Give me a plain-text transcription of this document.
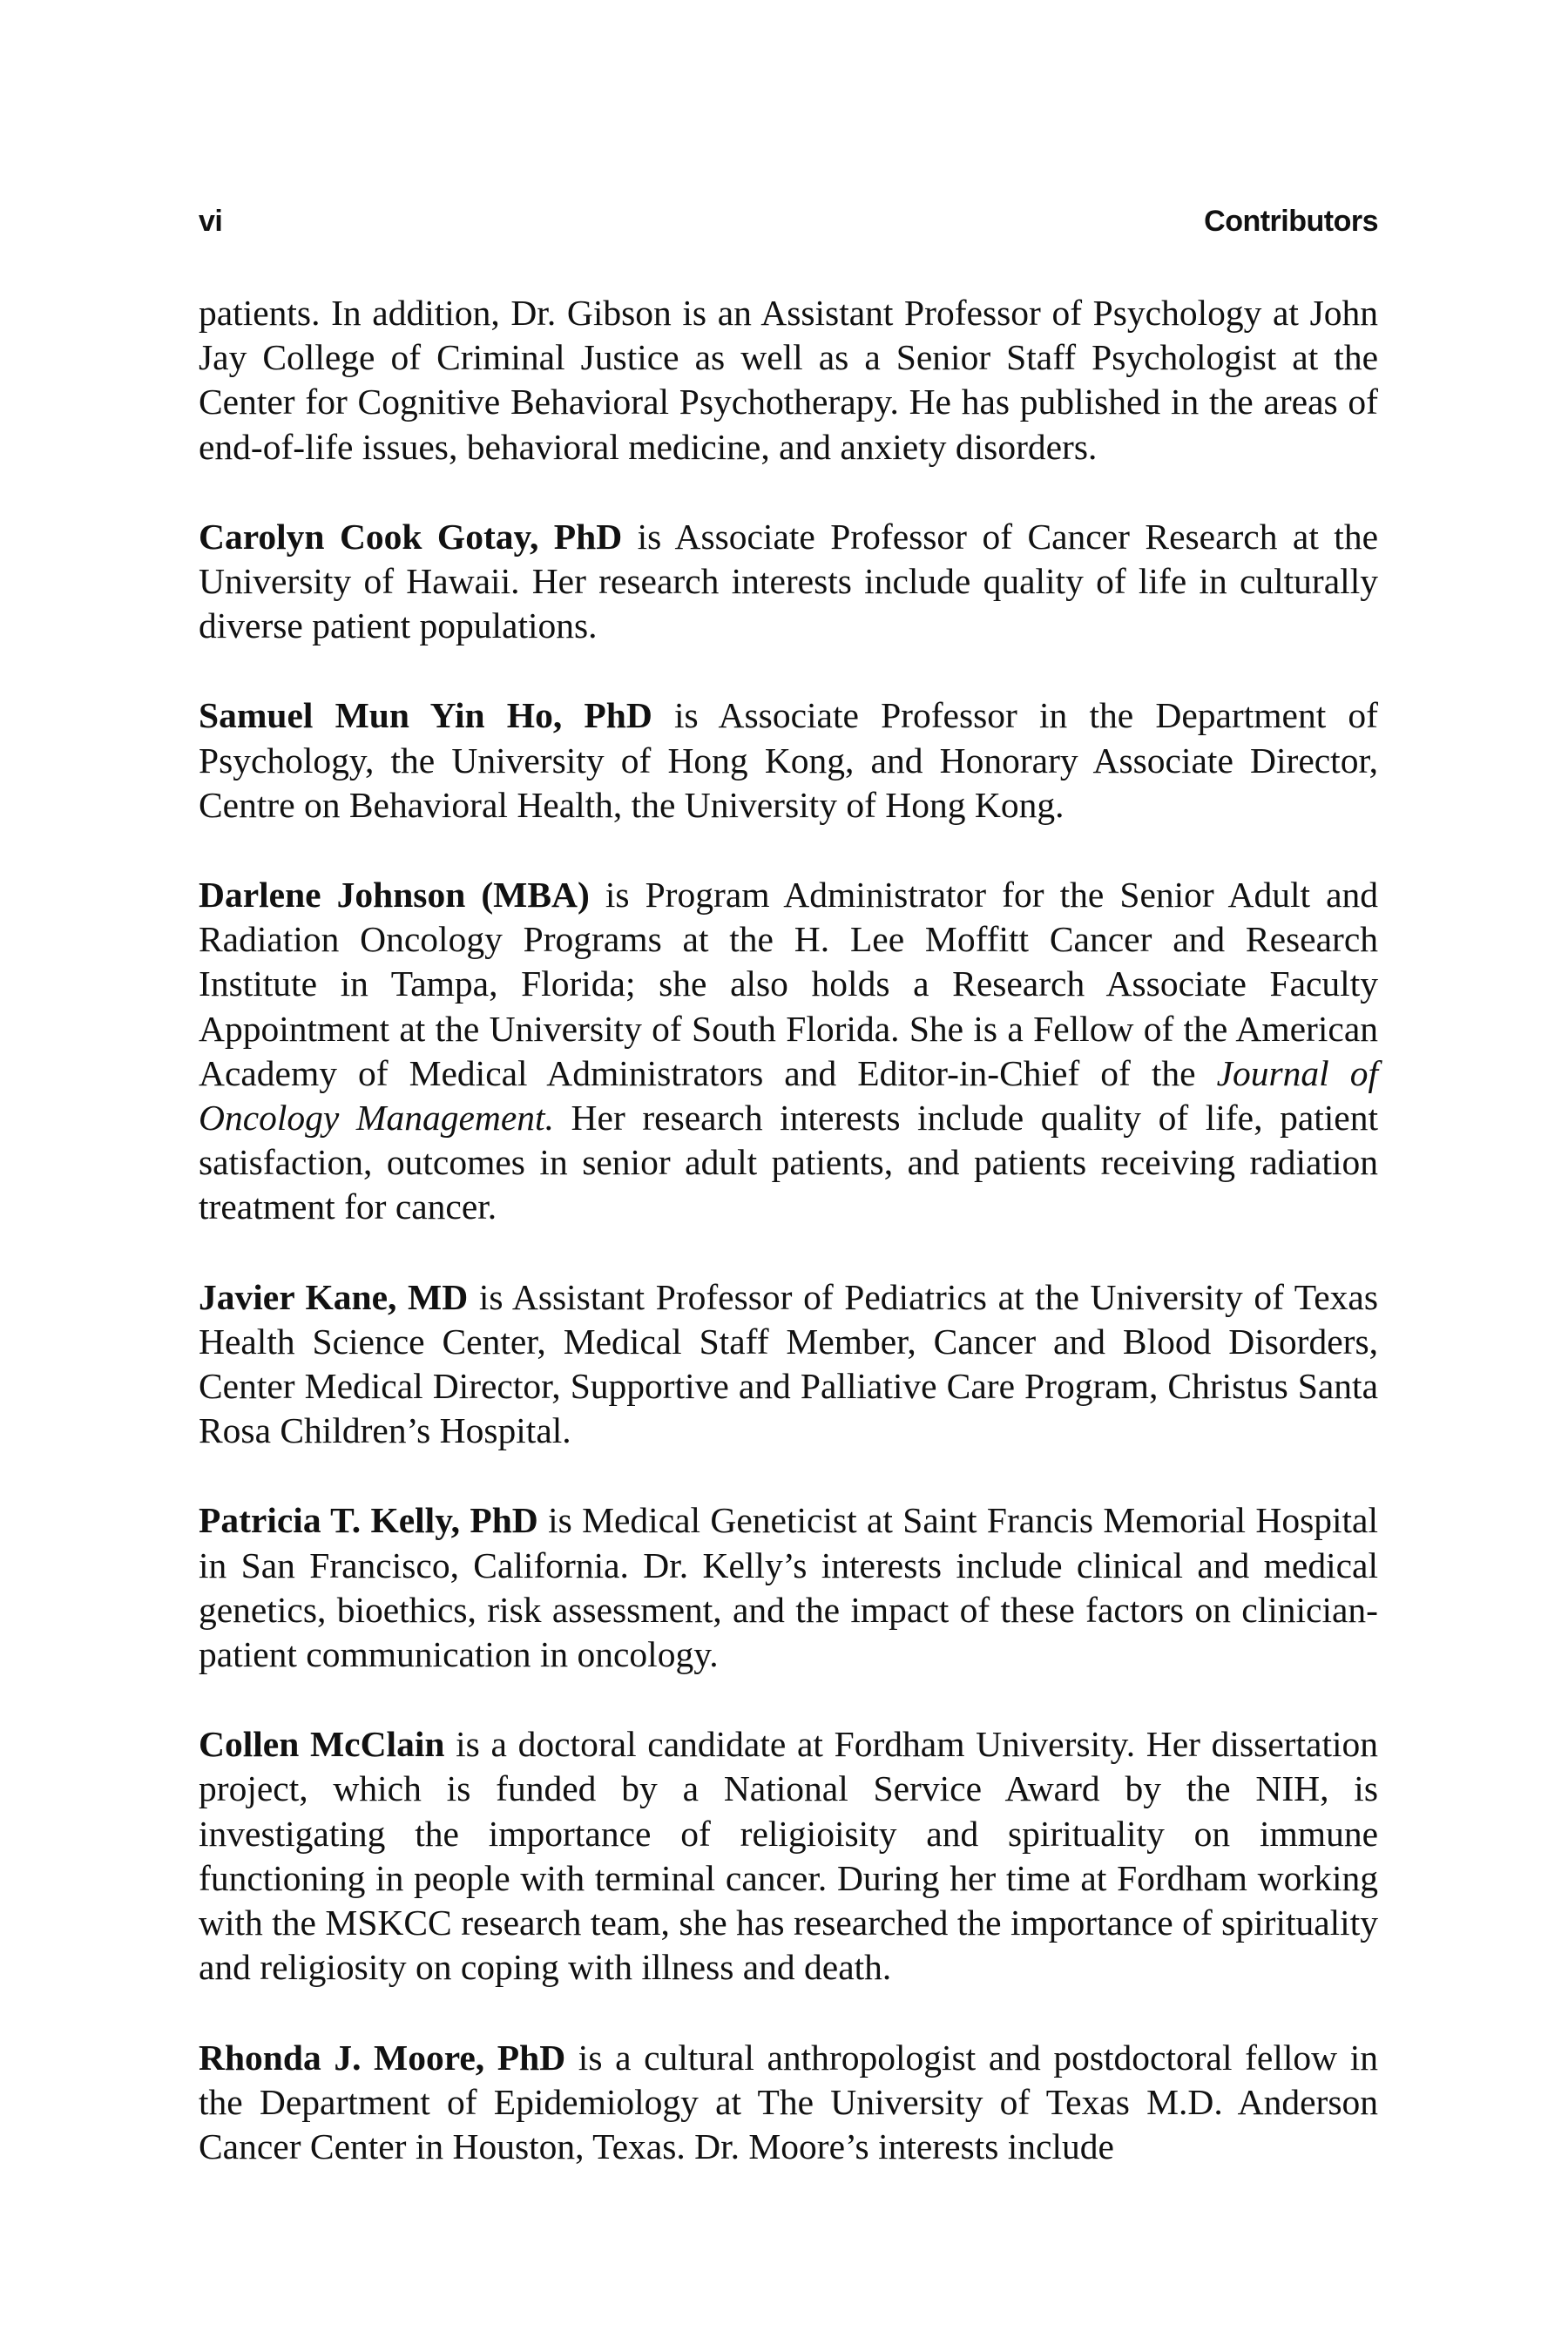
vi	Contributors

patients. In addition, Dr. Gibson is an Assistant Professor of Psychology at John Jay College of Criminal Justice as well as a Senior Staff Psychologist at the Center for Cognitive Behavioral Psychotherapy. He has published in the areas of end-of-life issues, behavioral medicine, and anxiety disorders.

Carolyn Cook Gotay, PhD is Associate Professor of Cancer Research at the University of Hawaii. Her research interests include quality of life in culturally diverse patient populations.

Samuel Mun Yin Ho, PhD is Associate Professor in the Department of Psychology, the University of Hong Kong, and Honorary Associate Director, Centre on Behavioral Health, the University of Hong Kong.

Darlene Johnson (MBA) is Program Administrator for the Senior Adult and Radiation Oncology Programs at the H. Lee Moffitt Cancer and Research Institute in Tampa, Florida; she also holds a Research Associate Faculty Appointment at the University of South Florida. She is a Fellow of the American Academy of Medical Administrators and Editor-in-Chief of the Journal of Oncology Management. Her research interests include quality of life, patient satisfaction, outcomes in senior adult patients, and patients receiving radiation treatment for cancer.

Javier Kane, MD is Assistant Professor of Pediatrics at the University of Texas Health Science Center, Medical Staff Member, Cancer and Blood Disorders, Center Medical Director, Supportive and Palliative Care Program, Christus Santa Rosa Children’s Hospital.

Patricia T. Kelly, PhD is Medical Geneticist at Saint Francis Memorial Hospital in San Francisco, California. Dr. Kelly’s interests include clinical and medical genetics, bioethics, risk assessment, and the impact of these factors on clinician-patient communication in oncology.

Collen McClain is a doctoral candidate at Fordham University. Her dissertation project, which is funded by a National Service Award by the NIH, is investigating the importance of religioisity and spirituality on immune functioning in people with terminal cancer. During her time at Fordham working with the MSKCC research team, she has researched the importance of spirituality and religiosity on coping with illness and death.

Rhonda J. Moore, PhD is a cultural anthropologist and postdoctoral fellow in the Department of Epidemiology at The University of Texas M.D. Anderson Cancer Center in Houston, Texas. Dr. Moore’s interests include
